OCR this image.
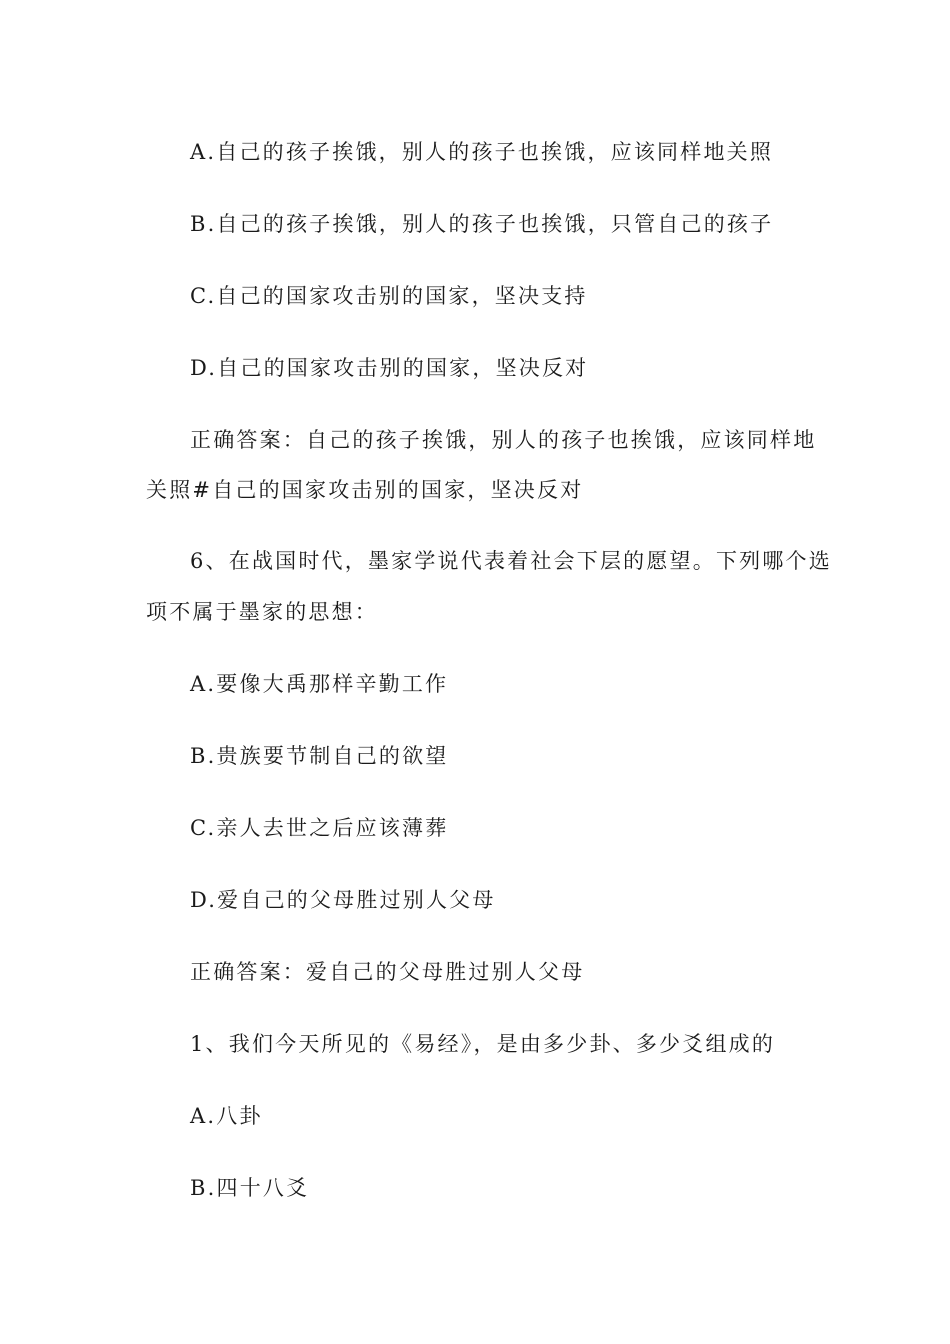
A.自己的孩子挨饿，别人的孩子也挨饿，应该同样地关照
B.自己的孩子挨饿，别人的孩子也挨饿，只管自己的孩子
C.自己的国家攻击别的国家，坚决支持
D.自己的国家攻击别的国家，坚决反对
正确答案：自己的孩子挨饿，别人的孩子也挨饿，应该同样地
关照#自己的国家攻击别的国家，坚决反对
6、在战国时代，墨家学说代表着社会下层的愿望。下列哪个选
项不属于墨家的思想：
A.要像大禹那样辛勤工作
B.贵族要节制自己的欲望
C.亲人去世之后应该薄葬
D.爱自己的父母胜过别人父母
正确答案：爱自己的父母胜过别人父母
1、我们今天所见的《易经》，是由多少卦、多少爻组成的
A.八卦
B.四十八爻
